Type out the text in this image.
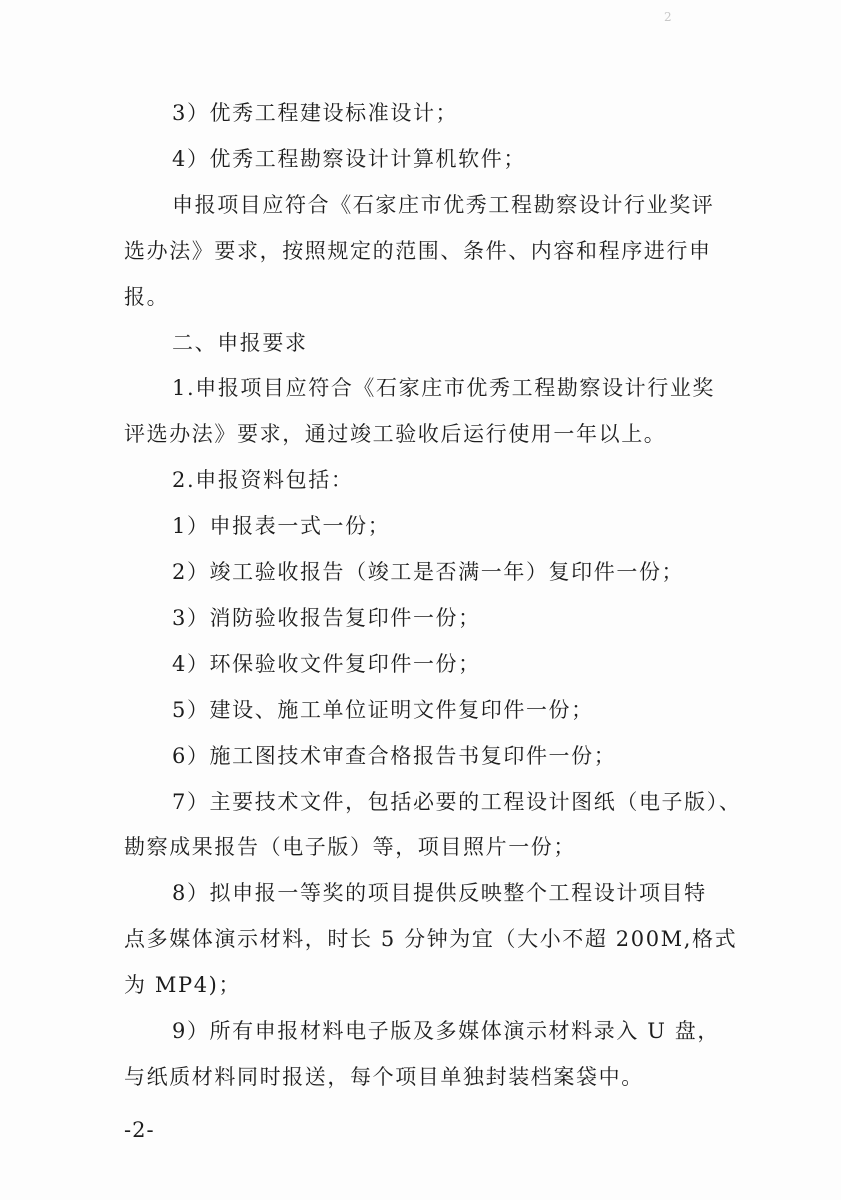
2
3）优秀工程建设标准设计；
4）优秀工程勘察设计计算机软件；
申报项目应符合《石家庄市优秀工程勘察设计行业奖评
选办法》要求，按照规定的范围、条件、内容和程序进行申
报。
二、申报要求
1.申报项目应符合《石家庄市优秀工程勘察设计行业奖
评选办法》要求，通过竣工验收后运行使用一年以上。
2.申报资料包括：
1）申报表一式一份；
2）竣工验收报告（竣工是否满一年）复印件一份；
3）消防验收报告复印件一份；
4）环保验收文件复印件一份；
5）建设、施工单位证明文件复印件一份；
6）施工图技术审查合格报告书复印件一份；
7）主要技术文件，包括必要的工程设计图纸（电子版）、
勘察成果报告（电子版）等，项目照片一份；
8）拟申报一等奖的项目提供反映整个工程设计项目特
点多媒体演示材料，时长 5 分钟为宜（大小不超 200M,格式
为 MP4)；
9）所有申报材料电子版及多媒体演示材料录入 U 盘，
与纸质材料同时报送，每个项目单独封装档案袋中。
-2-
